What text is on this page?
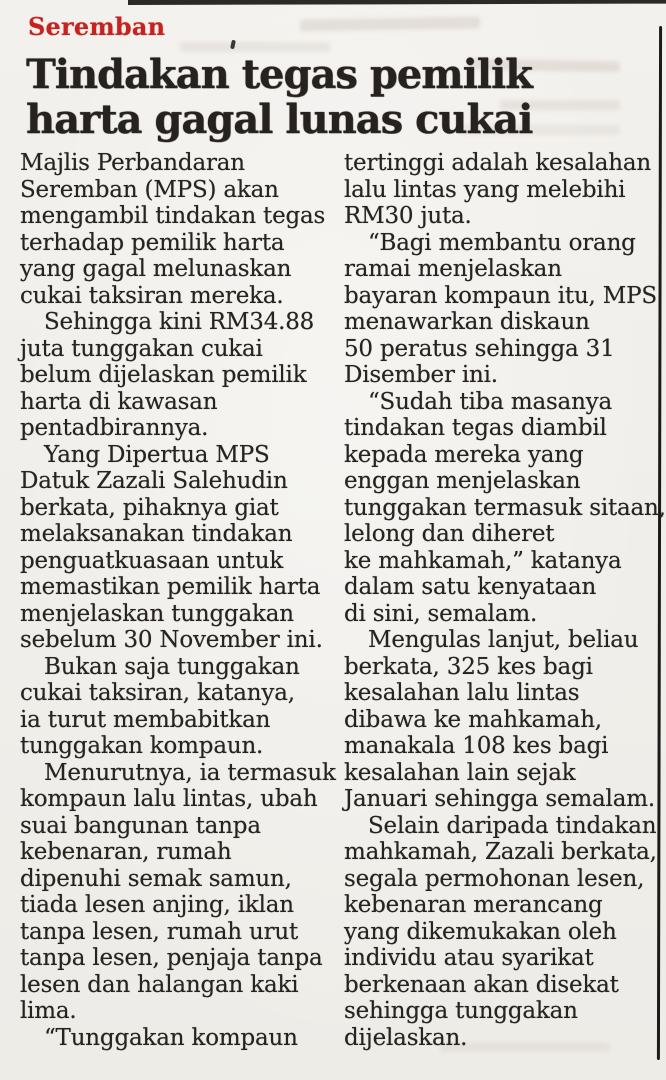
Seremban
Tindakan tegas pemilik
harta gagal lunas cukai
Majlis Perbandaran
Seremban (MPS) akan
mengambil tindakan tegas
terhadap pemilik harta
yang gagal melunaskan
cukai taksiran mereka.
Sehingga kini RM34.88
juta tunggakan cukai
belum dijelaskan pemilik
harta di kawasan
pentadbirannya.
Yang Dipertua MPS
Datuk Zazali Salehudin
berkata, pihaknya giat
melaksanakan tindakan
penguatkuasaan untuk
memastikan pemilik harta
menjelaskan tunggakan
sebelum 30 November ini.
Bukan saja tunggakan
cukai taksiran, katanya,
ia turut membabitkan
tunggakan kompaun.
Menurutnya, ia termasuk
kompaun lalu lintas, ubah
suai bangunan tanpa
kebenaran, rumah
dipenuhi semak samun,
tiada lesen anjing, iklan
tanpa lesen, rumah urut
tanpa lesen, penjaja tanpa
lesen dan halangan kaki
lima.
“Tunggakan kompaun
tertinggi adalah kesalahan
lalu lintas yang melebihi
RM30 juta.
“Bagi membantu orang
ramai menjelaskan
bayaran kompaun itu, MPS
menawarkan diskaun
50 peratus sehingga 31
Disember ini.
“Sudah tiba masanya
tindakan tegas diambil
kepada mereka yang
enggan menjelaskan
tunggakan termasuk sitaan,
lelong dan diheret
ke mahkamah,” katanya
dalam satu kenyataan
di sini, semalam.
Mengulas lanjut, beliau
berkata, 325 kes bagi
kesalahan lalu lintas
dibawa ke mahkamah,
manakala 108 kes bagi
kesalahan lain sejak
Januari sehingga semalam.
Selain daripada tindakan
mahkamah, Zazali berkata,
segala permohonan lesen,
kebenaran merancang
yang dikemukakan oleh
individu atau syarikat
berkenaan akan disekat
sehingga tunggakan
dijelaskan.
